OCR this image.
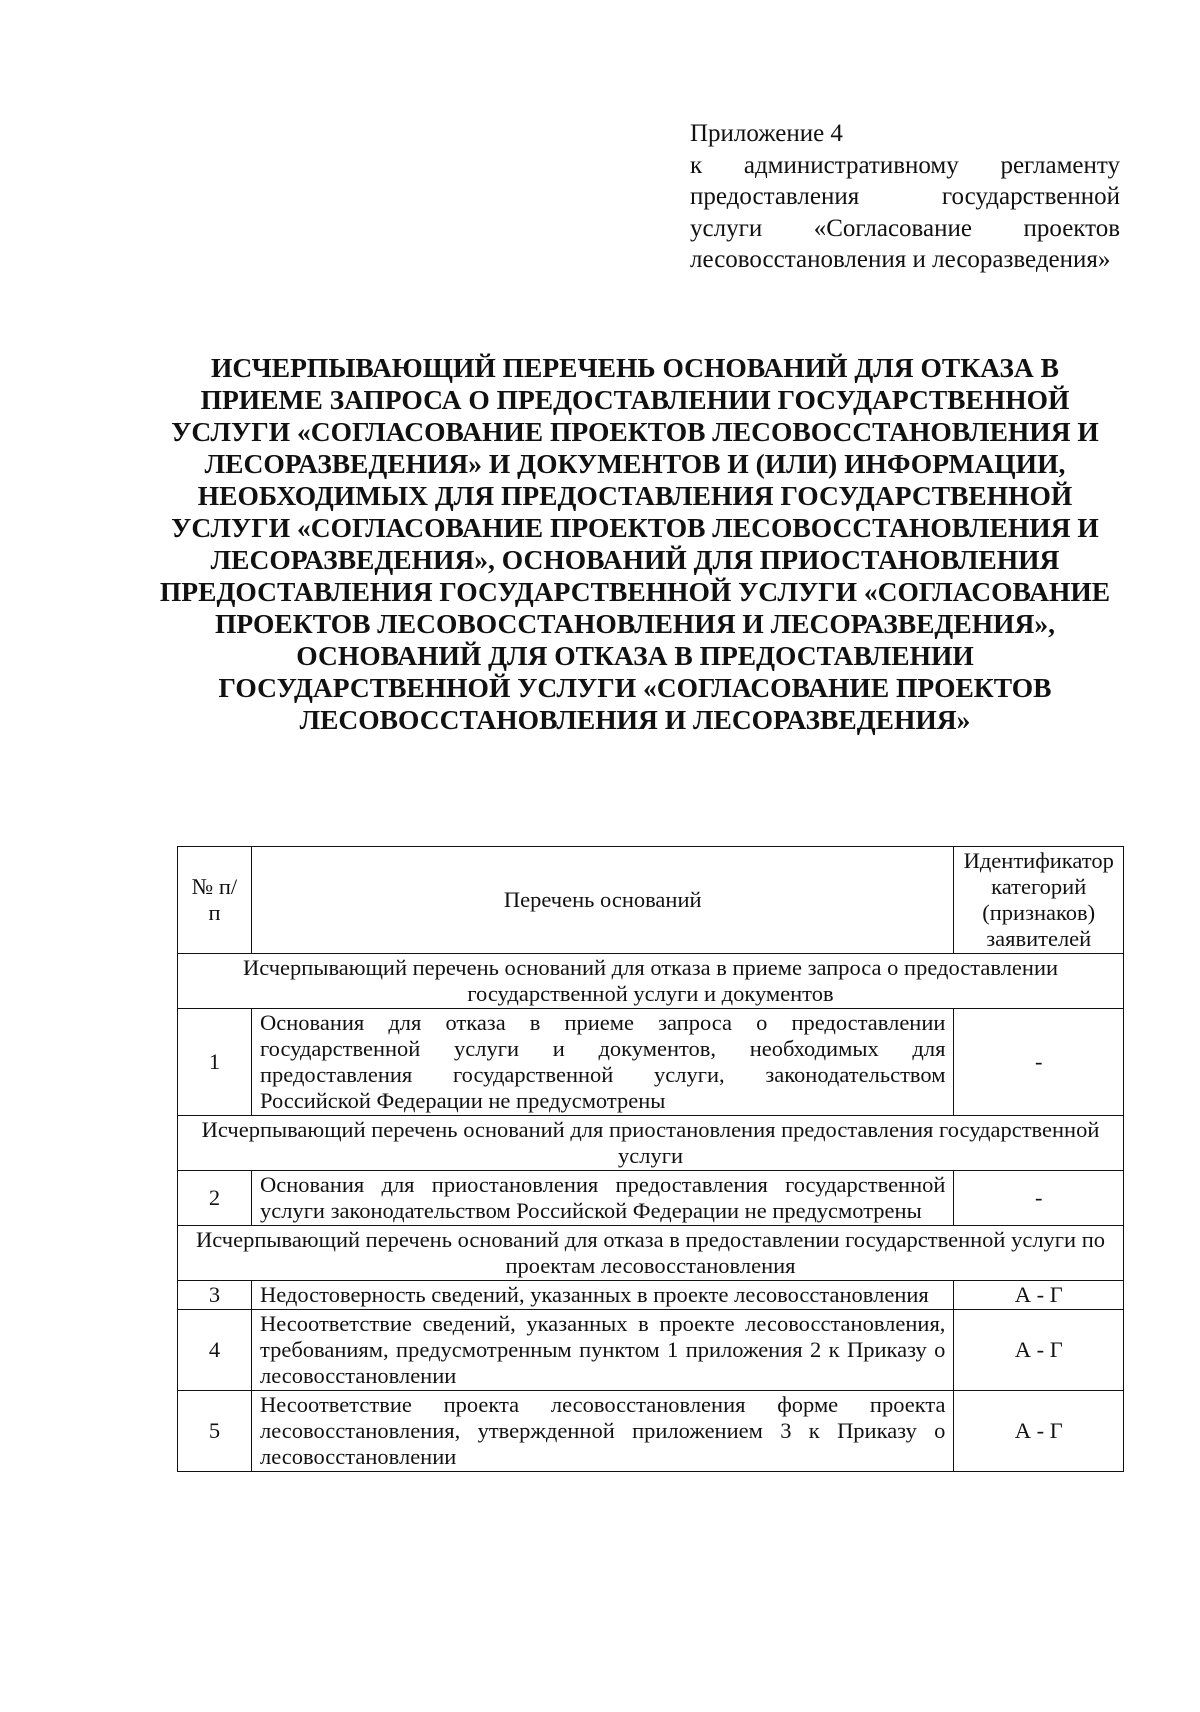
Приложение 4
к административному регламенту предоставления государственной услуги «Согласование проектов лесовосстановления и лесоразведения»
ИСЧЕРПЫВАЮЩИЙ ПЕРЕЧЕНЬ ОСНОВАНИЙ ДЛЯ ОТКАЗА В ПРИЕМЕ ЗАПРОСА О ПРЕДОСТАВЛЕНИИ ГОСУДАРСТВЕННОЙ УСЛУГИ «СОГЛАСОВАНИЕ ПРОЕКТОВ ЛЕСОВОССТАНОВЛЕНИЯ И ЛЕСОРАЗВЕДЕНИЯ» И ДОКУМЕНТОВ И (ИЛИ) ИНФОРМАЦИИ, НЕОБХОДИМЫХ ДЛЯ ПРЕДОСТАВЛЕНИЯ ГОСУДАРСТВЕННОЙ УСЛУГИ «СОГЛАСОВАНИЕ ПРОЕКТОВ ЛЕСОВОССТАНОВЛЕНИЯ И ЛЕСОРАЗВЕДЕНИЯ», ОСНОВАНИЙ ДЛЯ ПРИОСТАНОВЛЕНИЯ ПРЕДОСТАВЛЕНИЯ ГОСУДАРСТВЕННОЙ УСЛУГИ «СОГЛАСОВАНИЕ ПРОЕКТОВ ЛЕСОВОССТАНОВЛЕНИЯ И ЛЕСОРАЗВЕДЕНИЯ», ОСНОВАНИЙ ДЛЯ ОТКАЗА В ПРЕДОСТАВЛЕНИИ ГОСУДАРСТВЕННОЙ УСЛУГИ «СОГЛАСОВАНИЕ ПРОЕКТОВ ЛЕСОВОССТАНОВЛЕНИЯ И ЛЕСОРАЗВЕДЕНИЯ»
№ п/п	Перечень оснований	Идентификатор категорий (признаков) заявителей
Исчерпывающий перечень оснований для отказа в приеме запроса о предоставлении государственной услуги и документов		
1	Основания для отказа в приеме запроса о предоставлении государственной услуги и документов, необходимых для предоставления государственной услуги, законодательством Российской Федерации не предусмотрены	-
Исчерпывающий перечень оснований для приостановления предоставления государственной услуги		
2	Основания для приостановления предоставления государственной услуги законодательством Российской Федерации не предусмотрены	-
Исчерпывающий перечень оснований для отказа в предоставлении государственной услуги по проектам лесовосстановления		
3	Недостоверность сведений, указанных в проекте лесовосстановления	А - Г
4	Несоответствие сведений, указанных в проекте лесовосстановления, требованиям, предусмотренным пунктом 1 приложения 2 к Приказу о лесовосстановлении	А - Г
5	Несоответствие проекта лесовосстановления форме проекта лесовосстановления, утвержденной приложением 3 к Приказу о лесовосстановлении	А - Г
